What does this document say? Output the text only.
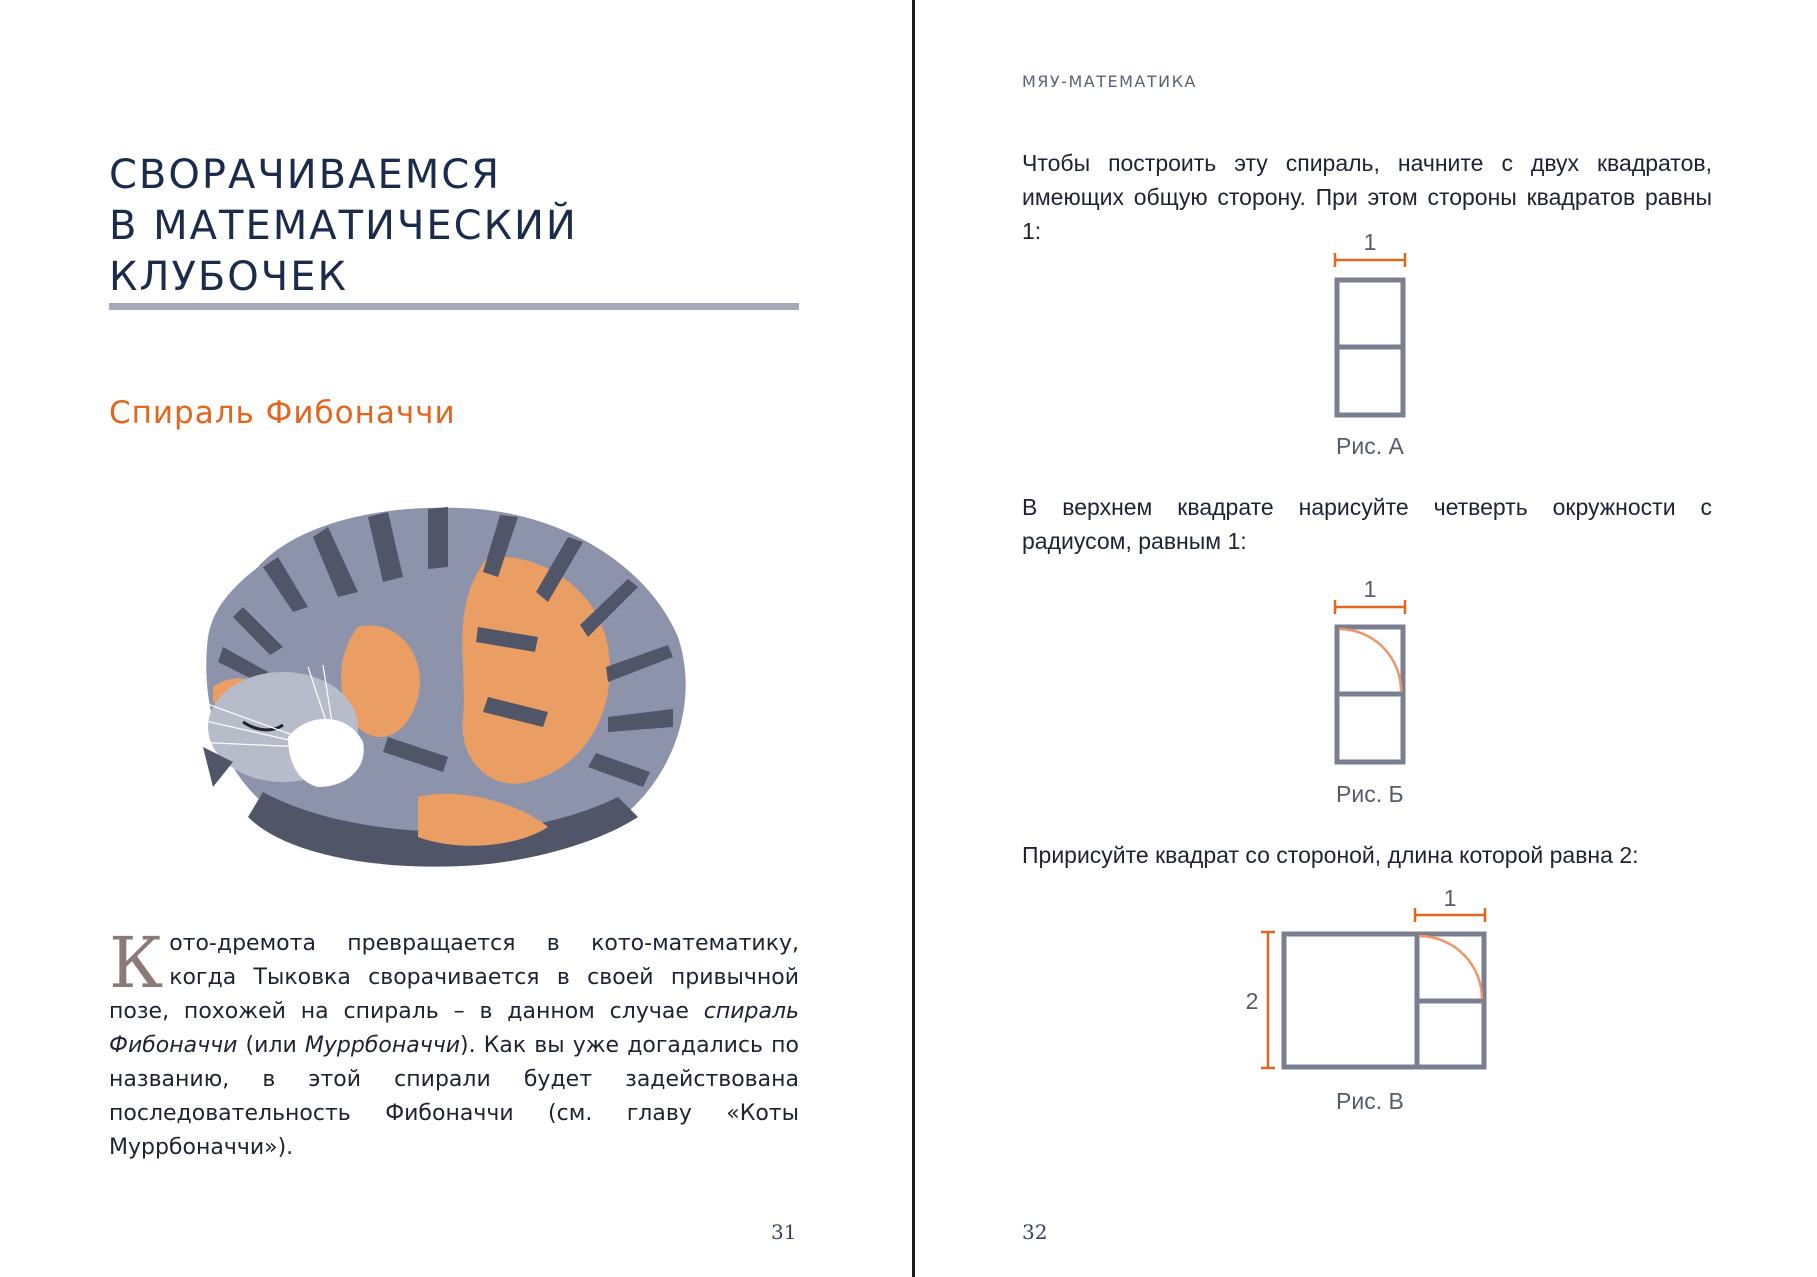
СВОРАЧИВАЕМСЯ
В МАТЕМАТИЧЕСКИЙ
КЛУБОЧЕК
Спираль Фибоначчи

Кото-дремота превращается в кото-математику, когда Тыковка сворачивается в своей привычной позе, похожей на спираль – в данном случае спираль Фибоначчи (или Муррбоначчи). Как вы уже догадались по названию, в этой спирали будет задействована последовательность Фибоначчи (см. главу «Коты Муррбоначчи»).

31
МЯУ-МАТЕМАТИКА

Чтобы построить эту спираль, начните с двух квадратов, имеющих общую сторону. При этом стороны квадратов равны 1:	1
Рис. А

В верхнем квадрате нарисуйте четверть окружности с радиусом, равным 1:

1
Рис. Б

Пририсуйте квадрат со стороной, длина которой равна 2:

1
2
Рис. В
32
